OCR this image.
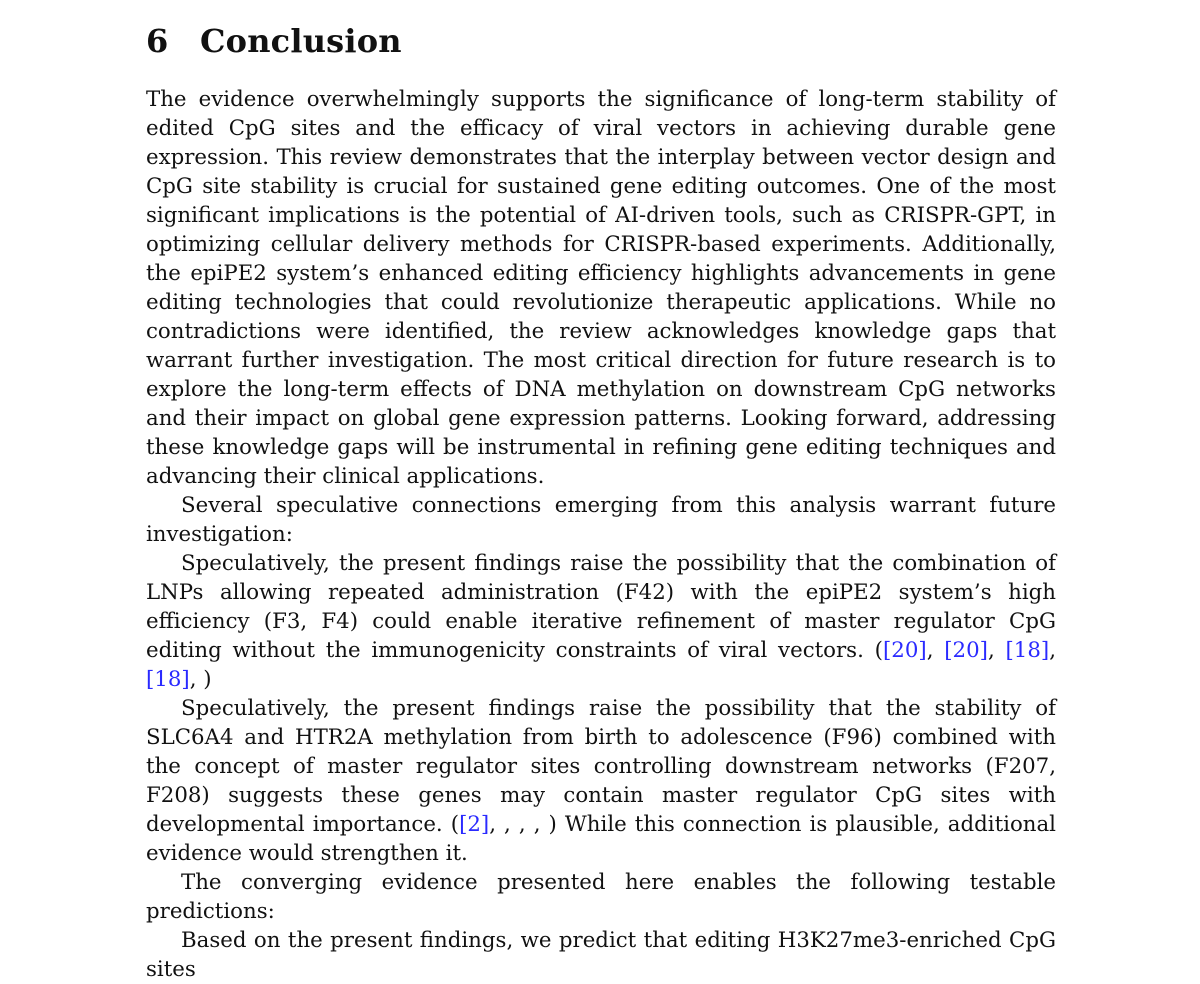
6 Conclusion

The evidence overwhelmingly supports the significance of long-term stability of edited CpG sites and the efficacy of viral vectors in achieving durable gene expression. This review demonstrates that the interplay between vector design and CpG site stability is crucial for sustained gene editing outcomes. One of the most significant implications is the potential of AI-driven tools, such as CRISPR-GPT, in optimizing cellular delivery methods for CRISPR-based experiments. Additionally, the epiPE2 system’s enhanced editing efficiency highlights advancements in gene editing technologies that could revolutionize therapeutic applications. While no contradictions were identified, the review acknowledges knowledge gaps that warrant further investigation. The most critical direction for future research is to explore the long-term effects of DNA methylation on downstream CpG networks and their impact on global gene expression patterns. Looking forward, addressing these knowledge gaps will be instrumental in refining gene editing techniques and advancing their clinical applications.

Several speculative connections emerging from this analysis warrant future investigation:

Speculatively, the present findings raise the possibility that the combination of LNPs allowing repeated administration (F42) with the epiPE2 system’s high efficiency (F3, F4) could enable iterative refinement of master regulator CpG editing without the immunogenicity constraints of viral vectors. ([20], [20], [18], [18], )

Speculatively, the present findings raise the possibility that the stability of SLC6A4 and HTR2A methylation from birth to adolescence (F96) combined with the concept of master regulator sites controlling downstream networks (F207, F208) suggests these genes may contain master regulator CpG sites with developmental importance. ([2], , , , ) While this connection is plausible, additional evidence would strengthen it.

The converging evidence presented here enables the following testable predictions:

Based on the present findings, we predict that editing H3K27me3-enriched CpG sites
